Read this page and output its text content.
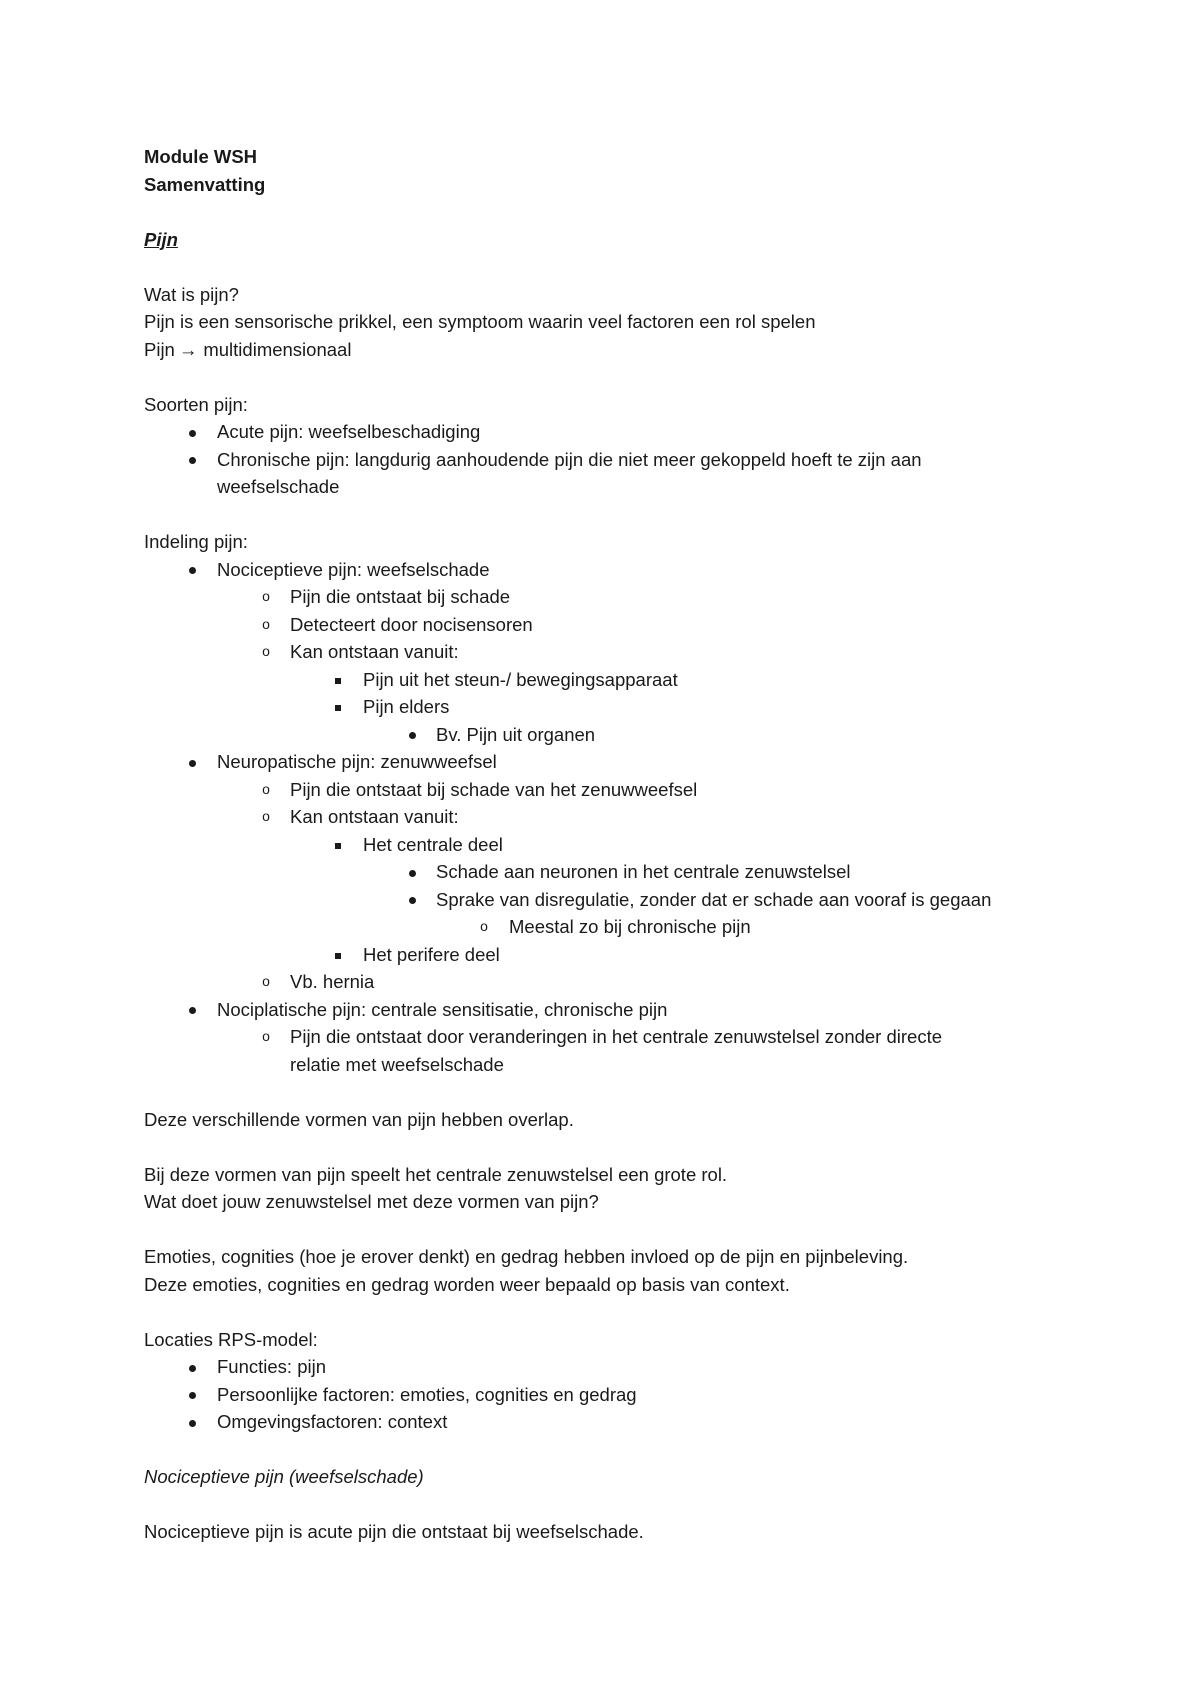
Module WSH
Samenvatting
Pijn
Wat is pijn?
Pijn is een sensorische prikkel, een symptoom waarin veel factoren een rol spelen
Pijn → multidimensionaal
Soorten pijn:
Acute pijn: weefselbeschadiging
Chronische pijn: langdurig aanhoudende pijn die niet meer gekoppeld hoeft te zijn aan
weefselschade
Indeling pijn:
Nociceptieve pijn: weefselschade
o	Pijn die ontstaat bij schade
o	Detecteert door nocisensoren
o	Kan ontstaan vanuit:
Pijn uit het steun-/ bewegingsapparaat
Pijn elders
Bv. Pijn uit organen
Neuropatische pijn: zenuwweefsel
o	Pijn die ontstaat bij schade van het zenuwweefsel
o	Kan ontstaan vanuit:
Het centrale deel
Schade aan neuronen in het centrale zenuwstelsel
Sprake van disregulatie, zonder dat er schade aan vooraf is gegaan
o	Meestal zo bij chronische pijn
Het perifere deel
o	Vb. hernia
Nociplatische pijn: centrale sensitisatie, chronische pijn
o	Pijn die ontstaat door veranderingen in het centrale zenuwstelsel zonder directe
relatie met weefselschade
Deze verschillende vormen van pijn hebben overlap.
Bij deze vormen van pijn speelt het centrale zenuwstelsel een grote rol.
Wat doet jouw zenuwstelsel met deze vormen van pijn?
Emoties, cognities (hoe je erover denkt) en gedrag hebben invloed op de pijn en pijnbeleving.
Deze emoties, cognities en gedrag worden weer bepaald op basis van context.
Locaties RPS-model:
Functies: pijn
Persoonlijke factoren: emoties, cognities en gedrag
Omgevingsfactoren: context
Nociceptieve pijn (weefselschade)
Nociceptieve pijn is acute pijn die ontstaat bij weefselschade.
